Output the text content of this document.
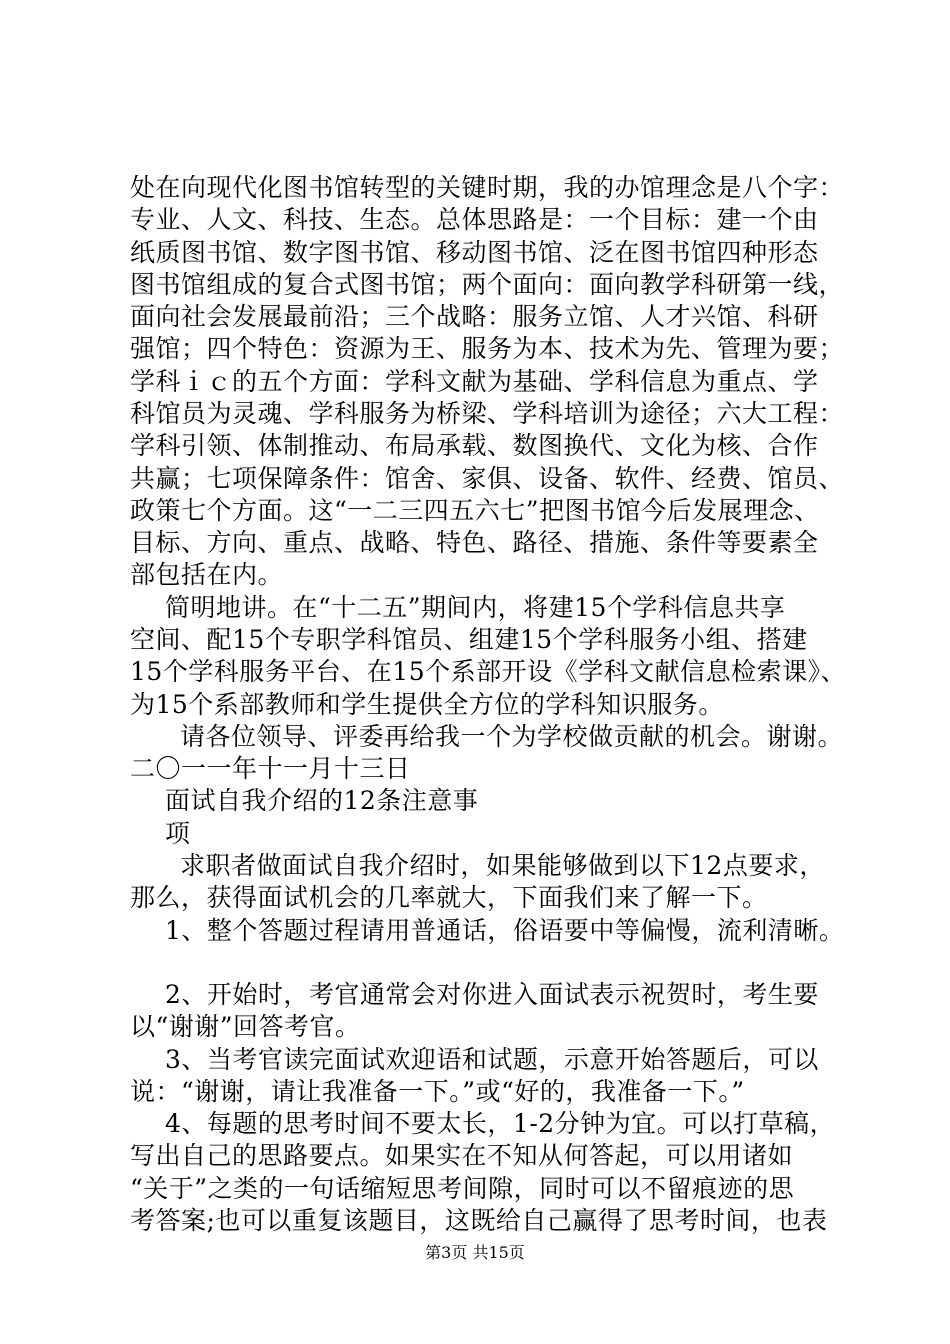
处在向现代化图书馆转型的关键时期，我的办馆理念是八个字：
专业、人文、科技、生态。总体思路是：一个目标：建一个由
纸质图书馆、数字图书馆、移动图书馆、泛在图书馆四种形态
图书馆组成的复合式图书馆；两个面向：面向教学科研第一线，
面向社会发展最前沿；三个战略：服务立馆、人才兴馆、科研
强馆；四个特色：资源为王、服务为本、技术为先、管理为要；
学科ｉｃ的五个方面：学科文献为基础、学科信息为重点、学
科馆员为灵魂、学科服务为桥梁、学科培训为途径；六大工程：
学科引领、体制推动、布局承载、数图换代、文化为核、合作
共赢；七项保障条件：馆舍、家俱、设备、软件、经费、馆员、
政策七个方面。这“一二三四五六七”把图书馆今后发展理念、
目标、方向、重点、战略、特色、路径、措施、条件等要素全
部包括在内。
简明地讲。在“十二五”期间内，将建15个学科信息共享
空间、配15个专职学科馆员、组建15个学科服务小组、搭建
15个学科服务平台、在15个系部开设《学科文献信息检索课》、
为15个系部教师和学生提供全方位的学科知识服务。
请各位领导、评委再给我一个为学校做贡献的机会。谢谢。
二〇一一年十一月十三日
面试自我介绍的12条注意事
项
求职者做面试自我介绍时，如果能够做到以下12点要求，
那么，获得面试机会的几率就大，下面我们来了解一下。
1、整个答题过程请用普通话，俗语要中等偏慢，流利清晰。
2、开始时，考官通常会对你进入面试表示祝贺时，考生要
以“谢谢”回答考官。
3、当考官读完面试欢迎语和试题，示意开始答题后，可以
说：“谢谢，请让我准备一下。”或“好的，我准备一下。”
4、每题的思考时间不要太长，1-2分钟为宜。可以打草稿，
写出自己的思路要点。如果实在不知从何答起，可以用诸如
“关于”之类的一句话缩短思考间隙，同时可以不留痕迹的思
考答案;也可以重复该题目，这既给自己赢得了思考时间，也表
第3页 共15页
